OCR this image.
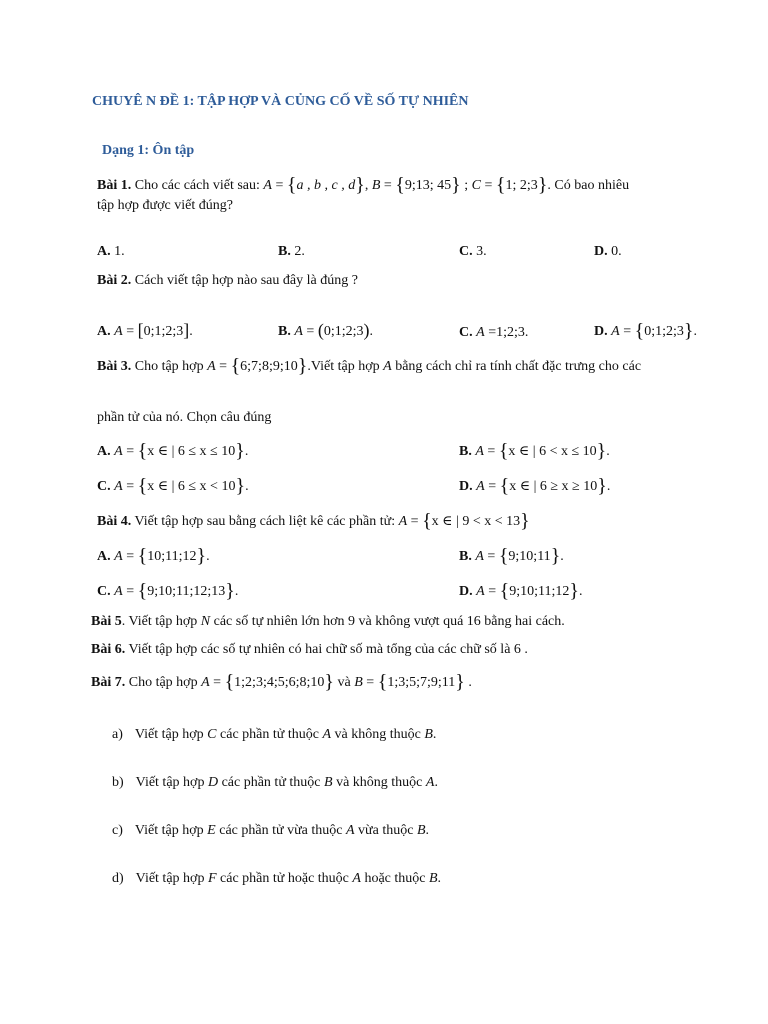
CHUYÊ N ĐỀ 1: TẬP HỢP VÀ CỦNG CỐ VỀ SỐ TỰ NHIÊN
Dạng 1: Ôn tập
Bài 1. Cho các cách viết sau: A = {a , b , c , d}, B = {9;13; 45} ; C = {1; 2;3}. Có bao nhiêu
tập hợp được viết đúng?
A. 1.	B. 2.	C. 3.	D. 0.
Bài 2. Cách viết tập hợp nào sau đây là đúng ?
A. A = [0;1;2;3].	B. A = (0;1;2;3).	C. A =1;2;3.	D. A = {0;1;2;3}.
Bài 3. Cho tập hợp A = {6;7;8;9;10}.Viết tập hợp A bằng cách chỉ ra tính chất đặc trưng cho các
phần tử của nó. Chọn câu đúng
A. A = {x ∈ | 6 ≤ x ≤ 10}.	B. A = {x ∈ | 6 < x ≤ 10}.
C. A = {x ∈ | 6 ≤ x < 10}.	D. A = {x ∈ | 6 ≥ x ≥ 10}.
Bài 4. Viết tập hợp sau bằng cách liệt kê các phần tử: A = {x ∈ | 9 < x < 13}
A. A = {10;11;12}.	B. A = {9;10;11}.
C. A = {9;10;11;12;13}.	D. A = {9;10;11;12}.
Bài 5. Viết tập hợp N các số tự nhiên lớn hơn 9 và không vượt quá 16 bằng hai cách.
Bài 6. Viết tập hợp các số tự nhiên có hai chữ số mà tổng của các chữ số là 6 .
Bài 7. Cho tập hợp A = {1;2;3;4;5;6;8;10} và B = {1;3;5;7;9;11} .
a) Viết tập hợp C các phần tử thuộc A và không thuộc B.
b) Viết tập hợp D các phần tử thuộc B và không thuộc A.
c) Viết tập hợp E các phần tử vừa thuộc A vừa thuộc B.
d) Viết tập hợp F các phần tử hoặc thuộc A hoặc thuộc B.
